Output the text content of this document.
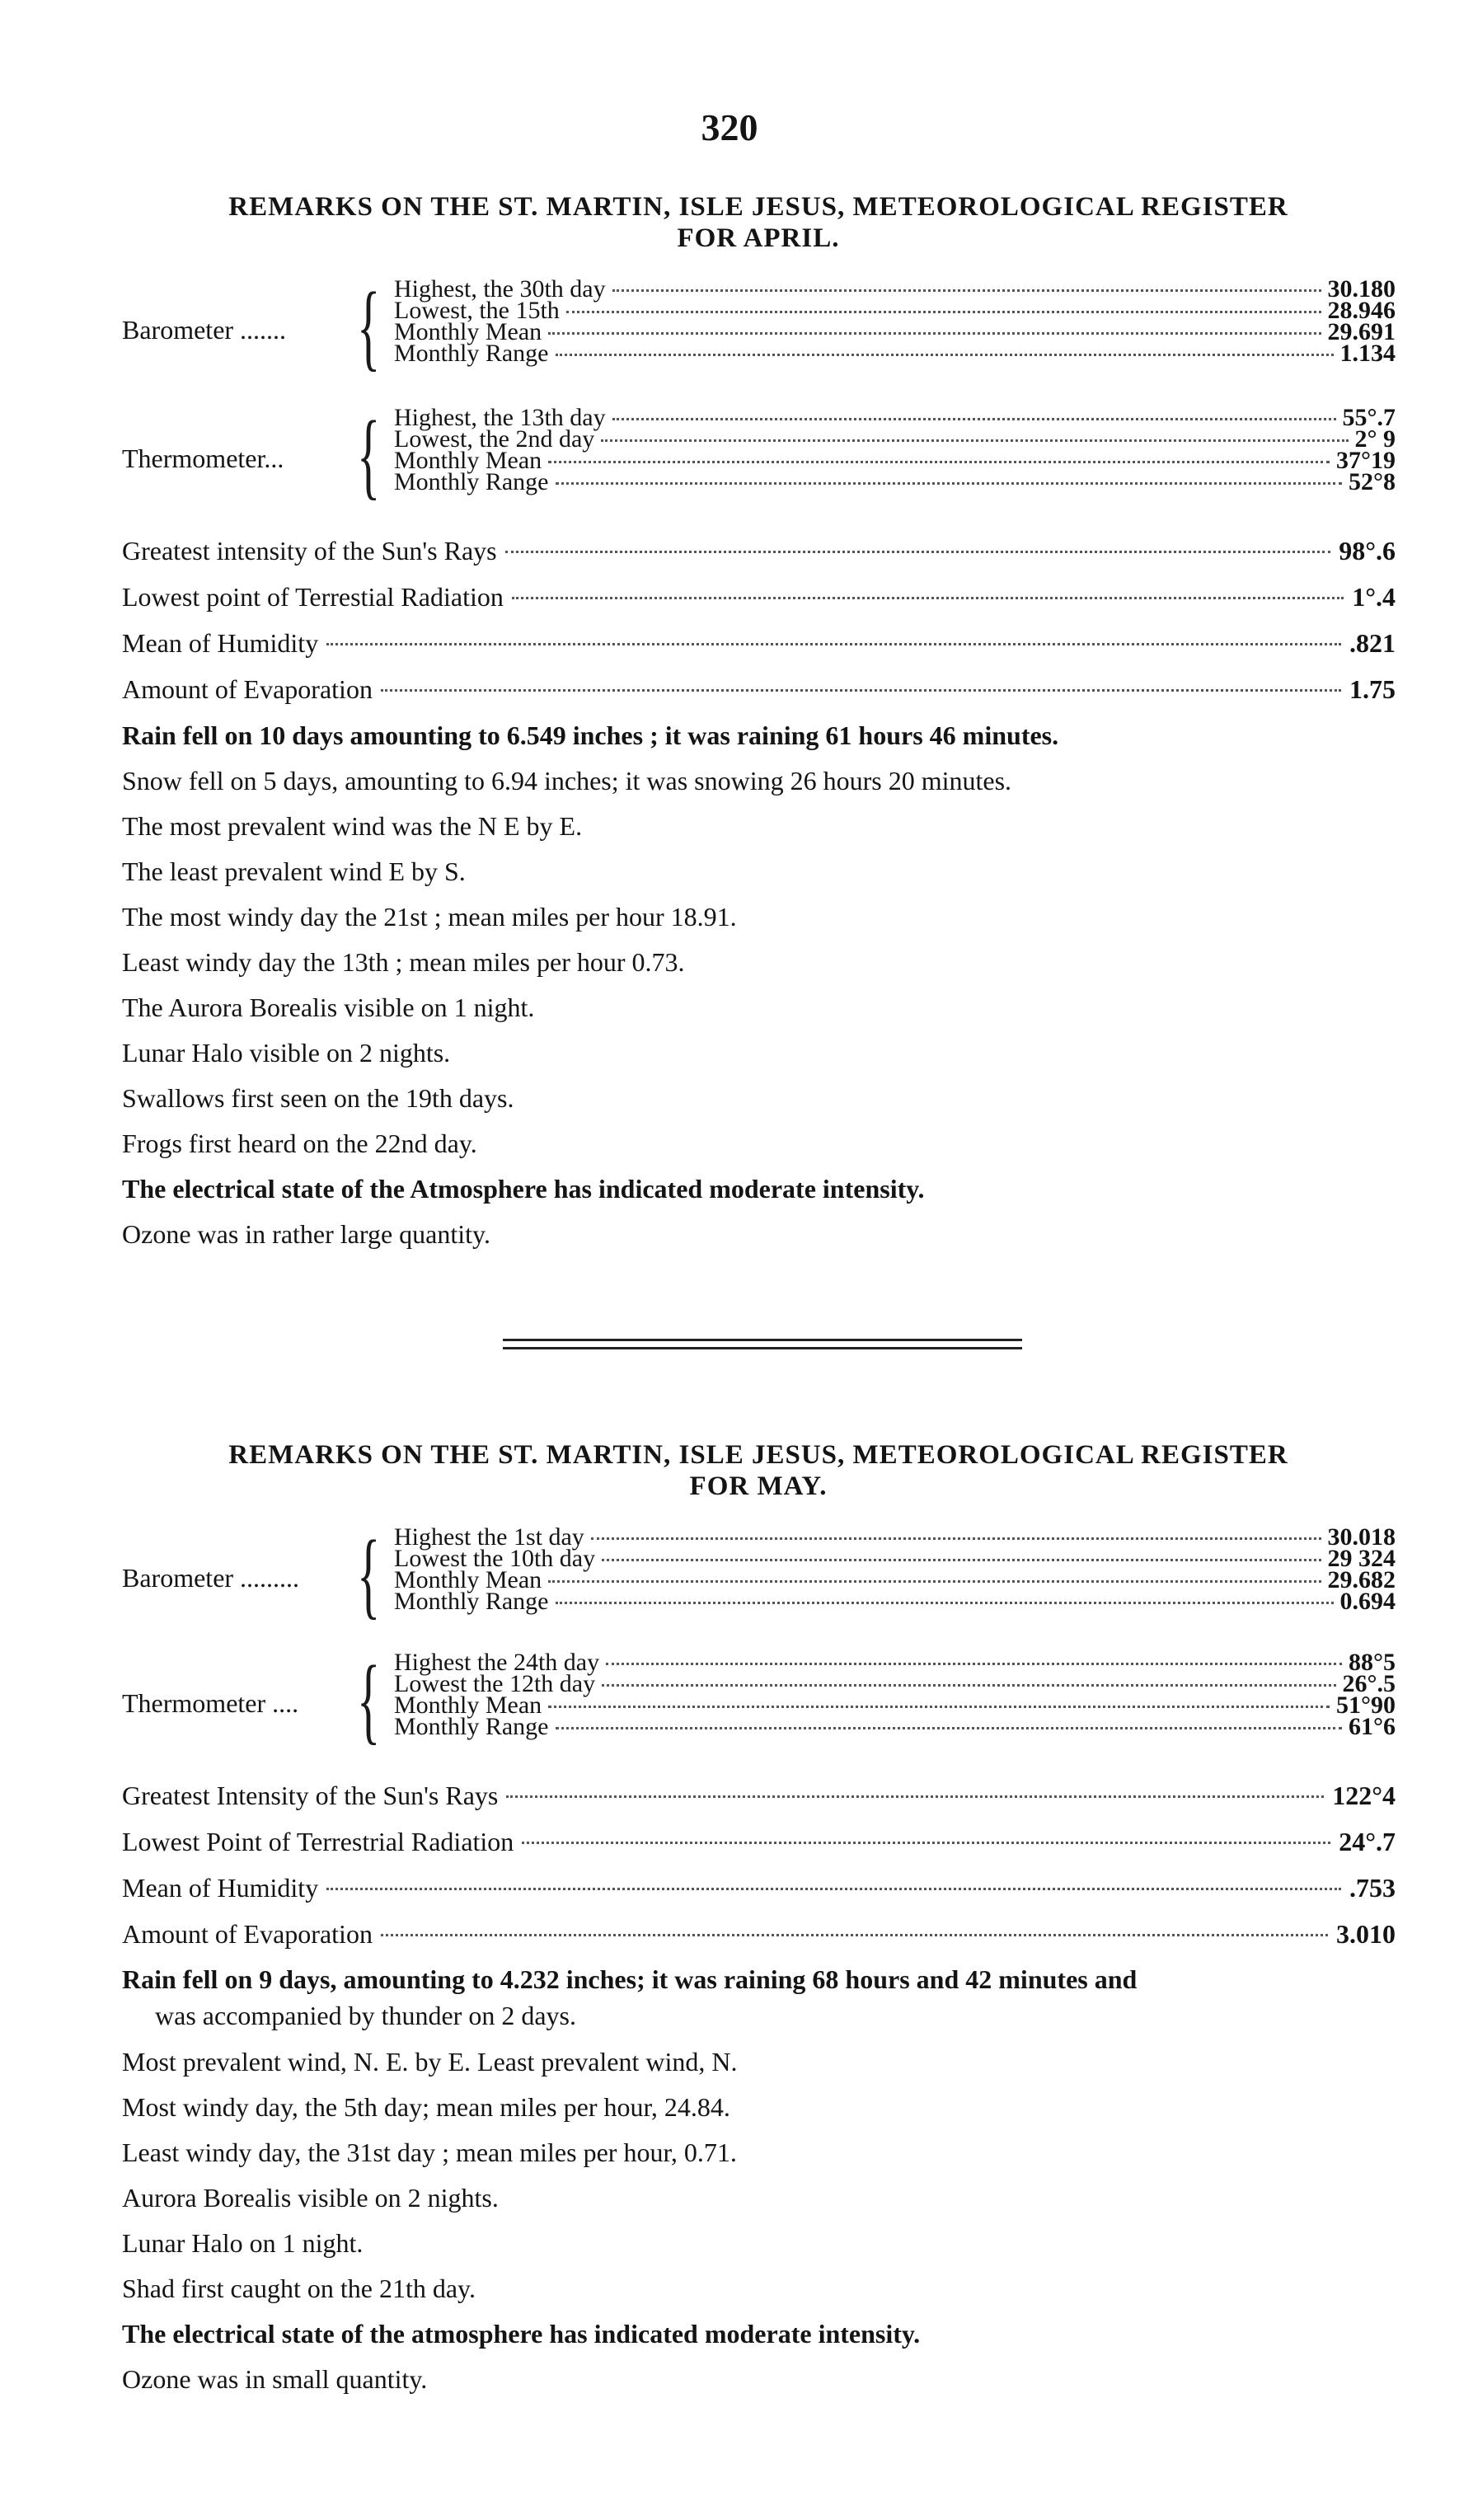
320
REMARKS ON THE ST. MARTIN, ISLE JESUS, METEOROLOGICAL REGISTER
FOR APRIL.
Barometer ....... { Highest, the 30th day	30.180
Lowest, the 15th	28.946
Monthly Mean	29.691
Monthly Range	1.134
Thermometer... { Highest, the 13th day	55°.7
Lowest, the 2nd day	2° 9
Monthly Mean	37°19
Monthly Range	52°8
Greatest intensity of the Sun's Rays	98°.6
Lowest point of Terrestial Radiation	1°.4
Mean of Humidity	.821
Amount of Evaporation	1.75
Rain fell on 10 days amounting to 6.549 inches ; it was raining 61 hours 46 minutes.
Snow fell on 5 days, amounting to 6.94 inches; it was snowing 26 hours 20 minutes.
The most prevalent wind was the N E by E.
The least prevalent wind E by S.
The most windy day the 21st ; mean miles per hour 18.91.
Least windy day the 13th ; mean miles per hour 0.73.
The Aurora Borealis visible on 1 night.
Lunar Halo visible on 2 nights.
Swallows first seen on the 19th days.
Frogs first heard on the 22nd day.
The electrical state of the Atmosphere has indicated moderate intensity.
Ozone was in rather large quantity.
REMARKS ON THE ST. MARTIN, ISLE JESUS, METEOROLOGICAL REGISTER
FOR MAY.
Barometer ......... { Highest the 1st day	30.018
Lowest the 10th day	29 324
Monthly Mean	29.682
Monthly Range	0.694
Thermometer .... { Highest the 24th day	88°5
Lowest the 12th day	26°.5
Monthly Mean	51°90
Monthly Range	61°6
Greatest Intensity of the Sun's Rays	122°4
Lowest Point of Terrestrial Radiation	24°.7
Mean of Humidity	.753
Amount of Evaporation	3.010
Rain fell on 9 days, amounting to 4.232 inches; it was raining 68 hours and 42 minutes and
was accompanied by thunder on 2 days.
Most prevalent wind, N. E. by E. Least prevalent wind, N.
Most windy day, the 5th day; mean miles per hour, 24.84.
Least windy day, the 31st day ; mean miles per hour, 0.71.
Aurora Borealis visible on 2 nights.
Lunar Halo on 1 night.
Shad first caught on the 21th day.
The electrical state of the atmosphere has indicated moderate intensity.
Ozone was in small quantity.
